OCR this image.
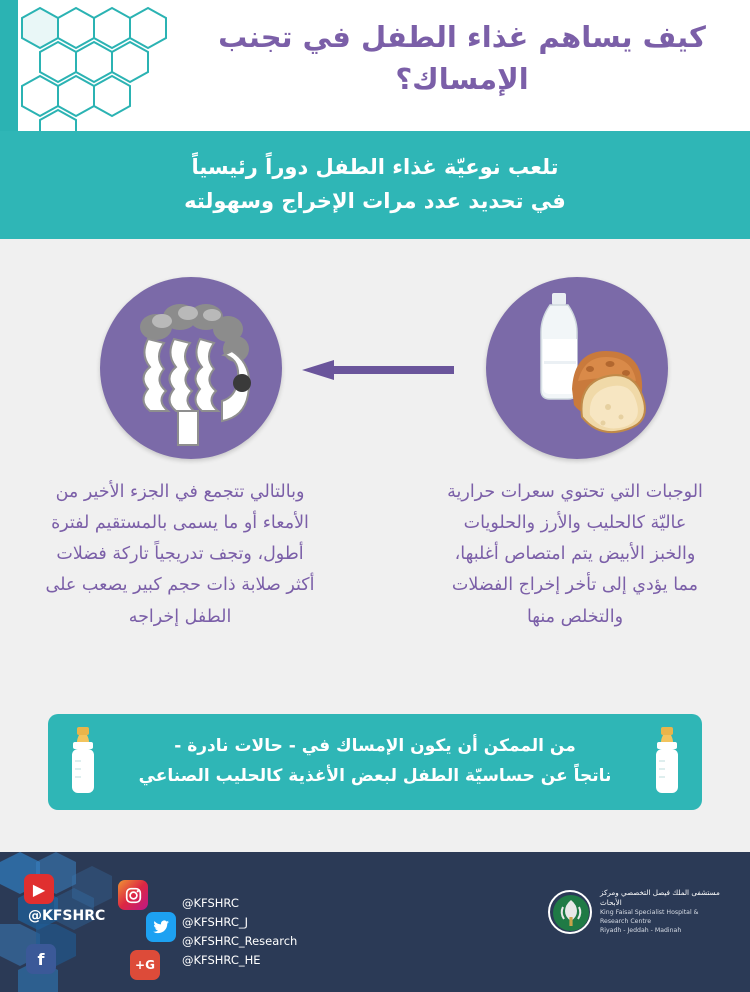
كيف يساهم غذاء الطفل في تجنب الإمساك؟
تلعب نوعيّة غذاء الطفل دوراً رئيسياً
في تحديد عدد مرات الإخراج وسهولته
الوجبات التي تحتوي سعرات حرارية عاليّة كالحليب والأرز والحلويات والخبز الأبيض يتم امتصاص أغلبها، مما يؤدي إلى تأخر إخراج الفضلات والتخلص منها
وبالتالي تتجمع في الجزء الأخير من الأمعاء أو ما يسمى بالمستقيم لفترة أطول، وتجف تدريجياً تاركة فضلات أكثر صلابة ذات حجم كبير يصعب على الطفل إخراجه
من الممكن أن يكون الإمساك في - حالات نادرة -
ناتجاً عن حساسيّة الطفل لبعض الأغذية كالحليب الصناعي
▶
f	G+
@KFSHRC
@KFSHRC
@KFSHRC_J
@KFSHRC_Research
@KFSHRC_HE
مستشفى الملك فيصل التخصصي ومركز الأبحاث
King Faisal Specialist Hospital & Research Centre
Riyadh - Jeddah - Madinah
